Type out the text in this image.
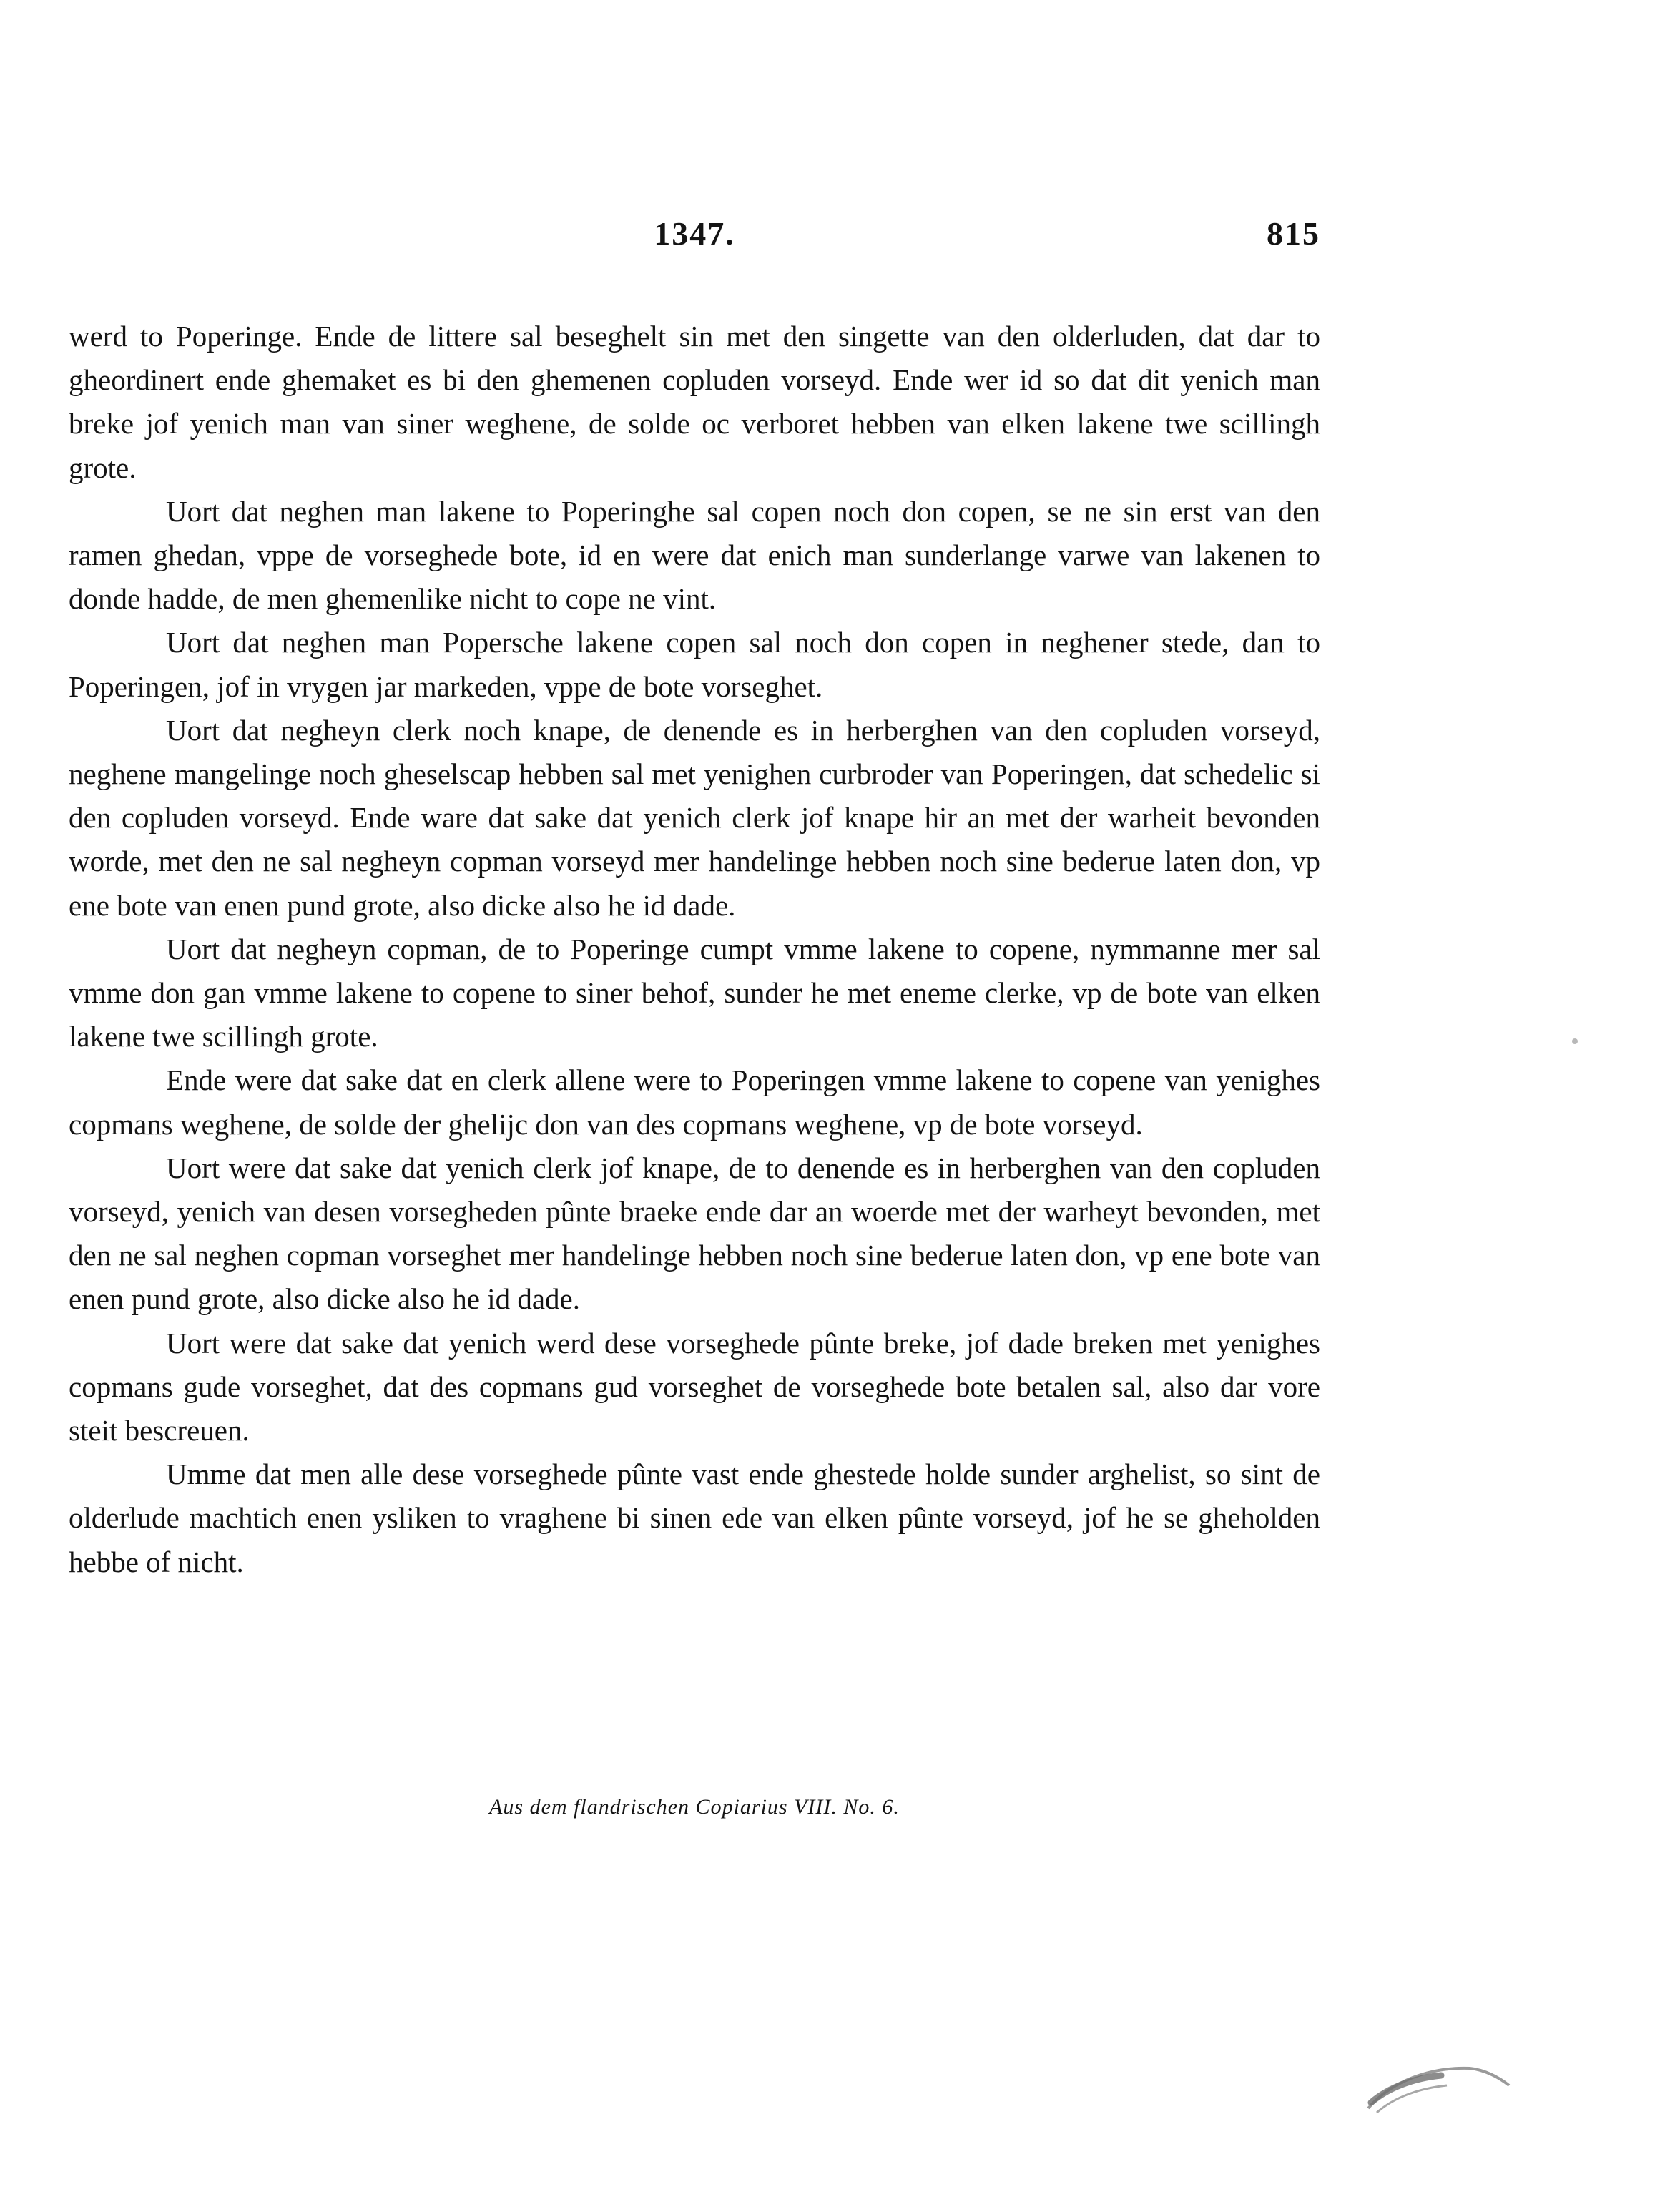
1347.	815

werd to Poperinge. Ende de littere sal beseghelt sin met den singette van den olderluden, dat dar to gheordinert ende ghemaket es bi den ghemenen copluden vorseyd. Ende wer id so dat dit yenich man breke jof yenich man van siner weghene, de solde oc verboret hebben van elken lakene twe scillingh grote.

Uort dat neghen man lakene to Poperinghe sal copen noch don copen, se ne sin erst van den ramen ghedan, vppe de vorseghede bote, id en were dat enich man sunderlange varwe van lakenen to donde hadde, de men ghemenlike nicht to cope ne vint.

Uort dat neghen man Popersche lakene copen sal noch don copen in neghener stede, dan to Poperingen, jof in vrygen jar markeden, vppe de bote vorseghet.

Uort dat negheyn clerk noch knape, de denende es in herberghen van den copluden vorseyd, neghene mangelinge noch gheselscap hebben sal met yenighen curbroder van Poperingen, dat schedelic si den copluden vorseyd. Ende ware dat sake dat yenich clerk jof knape hir an met der warheit bevonden worde, met den ne sal negheyn copman vorseyd mer handelinge hebben noch sine bederue laten don, vp ene bote van enen pund grote, also dicke also he id dade.

Uort dat negheyn copman, de to Poperinge cumpt vmme lakene to copene, nymmanne mer sal vmme don gan vmme lakene to copene to siner behof, sunder he met eneme clerke, vp de bote van elken lakene twe scillingh grote.

Ende were dat sake dat en clerk allene were to Poperingen vmme lakene to copene van yenighes copmans weghene, de solde der ghelijc don van des copmans weghene, vp de bote vorseyd.

Uort were dat sake dat yenich clerk jof knape, de to denende es in herberghen van den copluden vorseyd, yenich van desen vorsegheden pûnte braeke ende dar an woerde met der warheyt bevonden, met den ne sal neghen copman vorseghet mer handelinge hebben noch sine bederue laten don, vp ene bote van enen pund grote, also dicke also he id dade.

Uort were dat sake dat yenich werd dese vorseghede pûnte breke, jof dade breken met yenighes copmans gude vorseghet, dat des copmans gud vorseghet de vorseghede bote betalen sal, also dar vore steit bescreuen.

Umme dat men alle dese vorseghede pûnte vast ende ghestede holde sunder arghelist, so sint de olderlude machtich enen ysliken to vraghene bi sinen ede van elken pûnte vorseyd, jof he se gheholden hebbe of nicht.

Aus dem flandrischen Copiarius VIII. No. 6.
